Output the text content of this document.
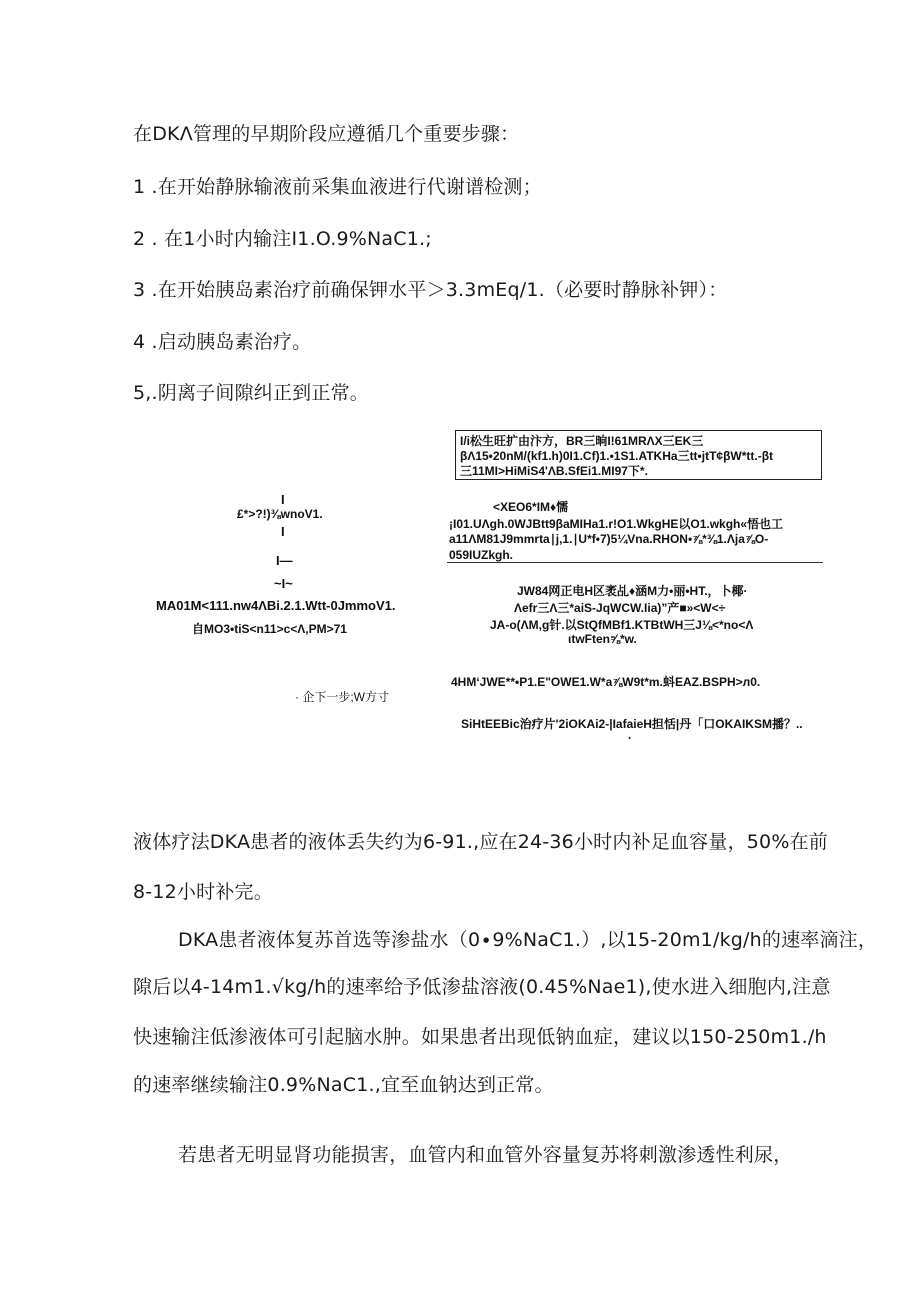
在DKΛ管理的早期阶段应遵循几个重要步骤：
1 .在开始静脉输液前采集血液进行代谢谱检测；
2 . 在1小时内输注I1.O.9%NaC1.;
3 .在开始胰岛素治疗前确保钾水平＞3.3mEq∕1.（必要时静脉补钾）：
4 .启动胰岛素治疗。
5,.阴离子间隙纠正到正常。
I
£*>?!)⅜wnoV1.
I
I—
~I~
MA01M<111.nw4ΛBi.2.1.Wtt-0JmmoV1.
自MO3•tiS<n11>c<Λ,PM>71
· 企下一步;W方寸
I/i松生旺扩由汴方，BR三晌I!61MRΛX三EK三
βΛ15•20nM/(kf1.h)0I1.Cf)1.•1S1.ATKHa三tt•jtT¢βW*tt.-βt
三11MI>HiMiS4'ΛB.SfEi1.MI97下*.
<XEO6*IM♦懦
¡I01.UΛgh.0WJBtt9βaMIHa1.r!O1.WkgHE以O1.wkgh«悟也工
a11ΛM81J9mmrta∣j,1.∣U*f•7)5¼Vna.RHON•⅞*⅜1.Λja⅞O-
059IUZkgh.
JW84网正电H区袤乩♦涵M力•丽•HT.，卜椰·
Λefr三Λ三*aiS-JqWCW.Iia)”产■»<W<÷
JA-o(ΛM,g针.以StQfMBf1.KTBtWH三J⅛<*no<Λ
ιtwFten⅝*w.
4HMʻJWE**•P1.E"OWE1.W*a⅞W9t*m.蚪EAZ.BSPH>л0.
SiHtEEBic治疗片'2iOKAi2-|IafaieH担恬|丹「口OKAIKSM播？..
·
液体疗法DKA患者的液体丢失约为6-91.,应在24-36小时内补足血容量，50%在前
8-12小时补完。
DKA患者液体复苏首选等渗盐水（0∙9%NaC1.）,以15-20m1∕kg∕h的速率滴注，
隙后以4-14m1.√kg∕h的速率给予低渗盐溶液(0.45%Nae1),使水进入细胞内,注意
快速输注低渗液体可引起脑水肿。如果患者出现低钠血症，建议以150-250m1./h
的速率继续输注0.9%NaC1.,宜至血钠达到正常。
若患者无明显肾功能损害，血管内和血管外容量复苏将刺激渗透性利尿，
